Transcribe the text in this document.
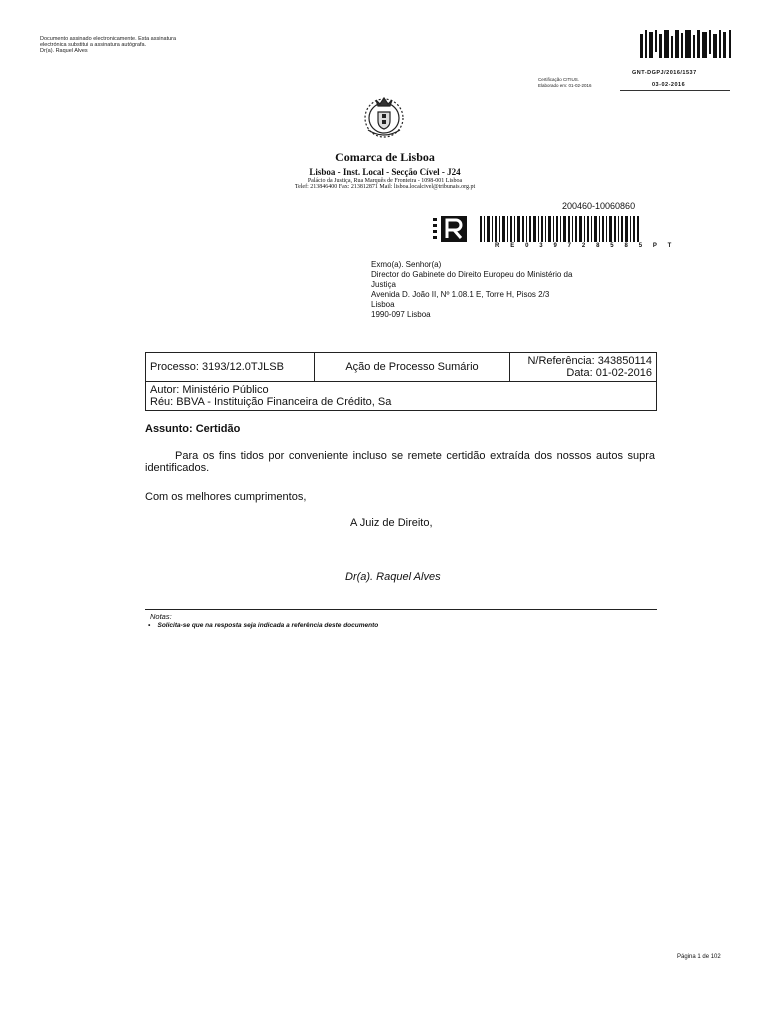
Documento assinado electronicamente. Esta assinatura
electrónica substitui a assinatura autógrafa.
Dr(a). Raquel Alves
Certificação CITIUS.
Elaborado em: 01-02-2016
GNT-DGPJ/2016/1537
03-02-2016
Comarca de Lisboa
Lisboa - Inst. Local - Secção Cível - J24
Palácio da Justiça, Rua Marquês de Fronteira - 1098-001 Lisboa
Telef: 213846400 Fax: 213812871 Mail: lisboa.localcivel@tribunais.org.pt
200460-10060860
R E 0 3 9 7 2 8 5 8 5 P T
Exmo(a). Senhor(a)
Director do Gabinete do Direito Europeu do Ministério da
Justiça
Avenida D. João II, Nº 1.08.1 E, Torre H, Pisos 2/3
Lisboa
1990-097 Lisboa
Processo: 3193/12.0TJLSB	Ação de Processo Sumário	N/Referência: 343850114
Data: 01-02-2016

Autor: Ministério Público
Réu: BBVA - Instituição Financeira de Crédito, Sa
Assunto: Certidão
Para os fins tidos por conveniente incluso se remete certidão extraída dos nossos autos supra identificados.
Com os melhores cumprimentos,
A Juiz de Direito,
Dr(a). Raquel Alves
Notas:
•    Solicita-se que na resposta seja indicada a referência deste documento
Página 1 de 102
